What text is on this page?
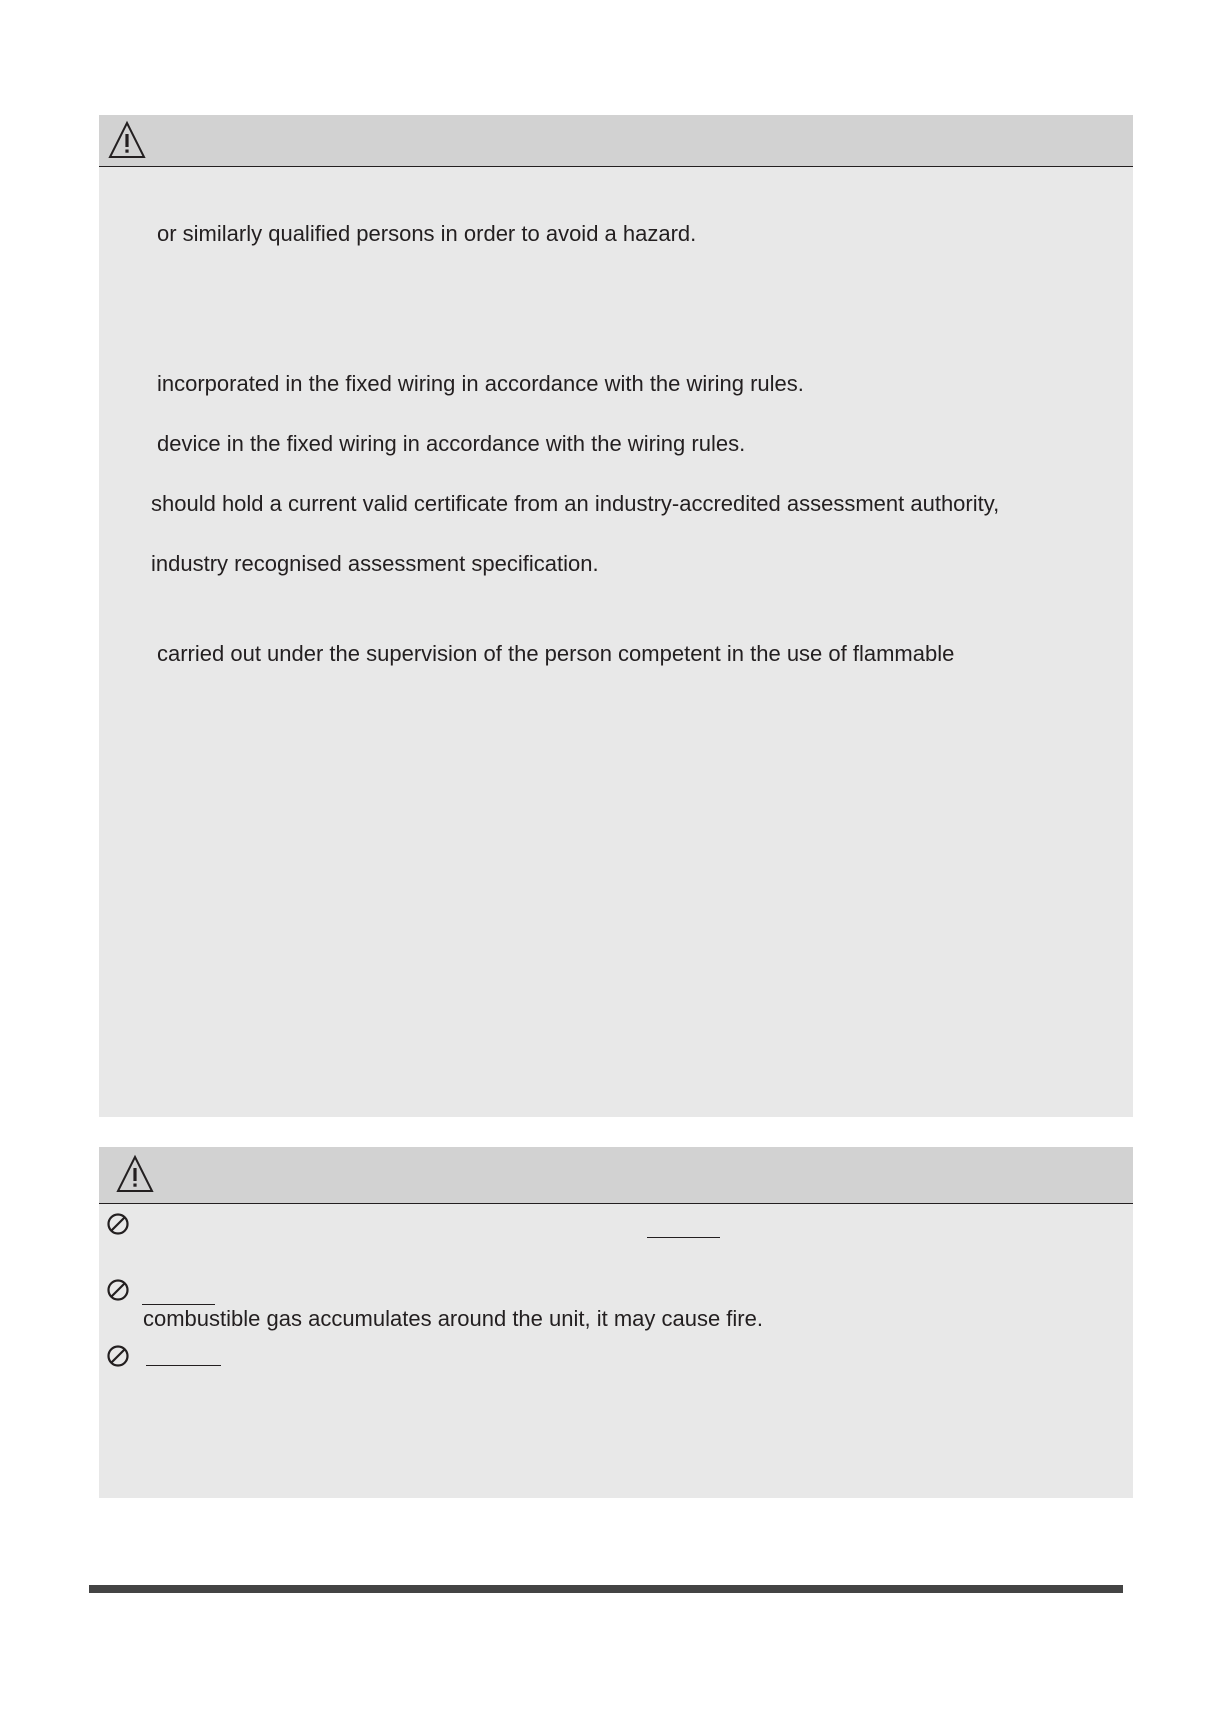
or similarly qualified persons in order to avoid a hazard.
incorporated in the fixed wiring in accordance with the wiring rules.
device in the fixed wiring in accordance with the wiring rules.
should hold a current valid certificate from an industry-accredited assessment authority,
industry recognised assessment specification.
carried out under the supervision of the person competent in the use of flammable
combustible gas accumulates around the unit, it may cause fire.
